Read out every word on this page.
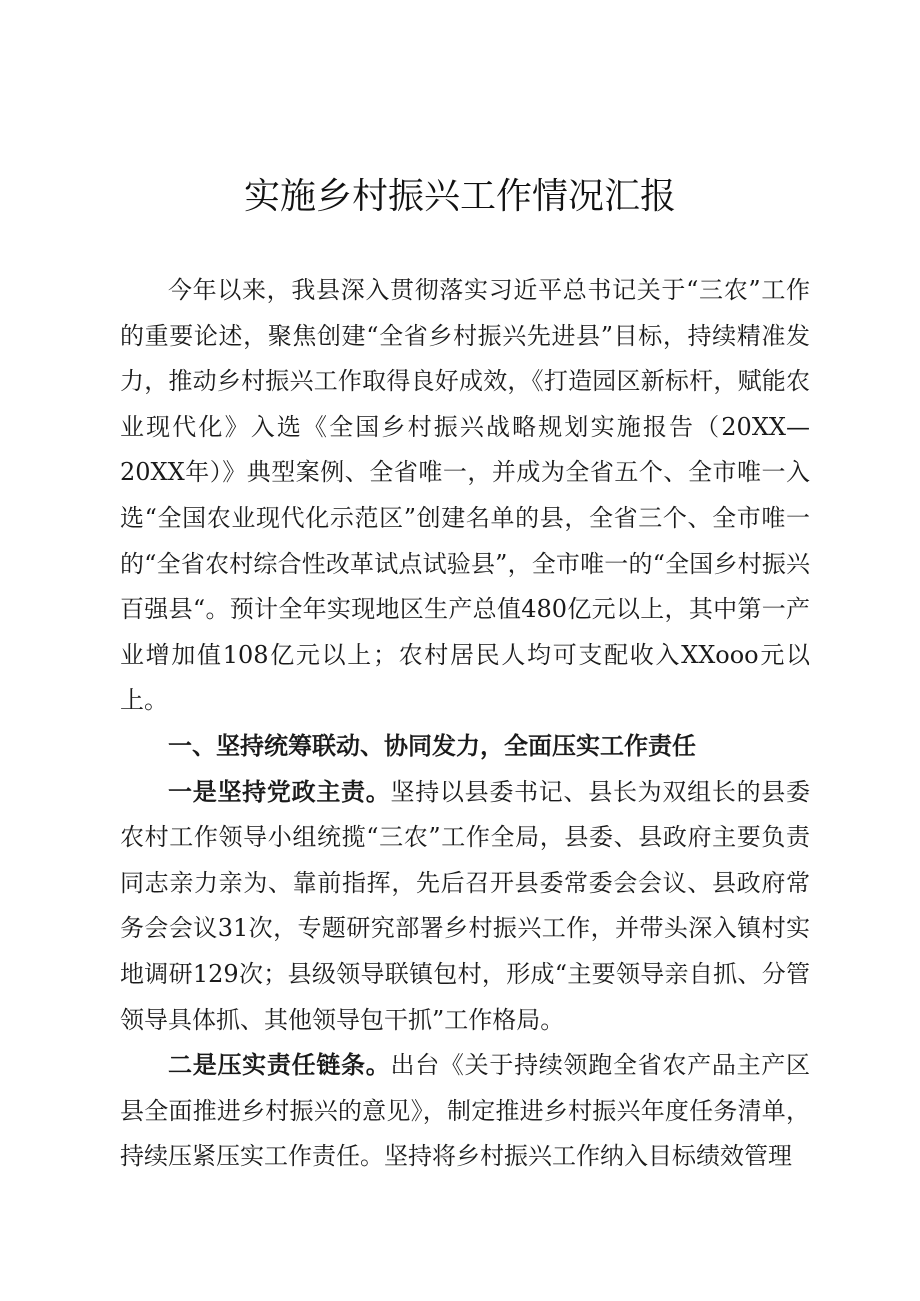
实施乡村振兴工作情况汇报

今年以来，我县深入贯彻落实习近平总书记关于“三农”工作的重要论述，聚焦创建“全省乡村振兴先进县”目标，持续精准发力，推动乡村振兴工作取得良好成效，《打造园区新标杆，赋能农业现代化》入选《全国乡村振兴战略规划实施报告（20XX—20XX年）》典型案例、全省唯一，并成为全省五个、全市唯一入选“全国农业现代化示范区”创建名单的县，全省三个、全市唯一的“全省农村综合性改革试点试验县”，全市唯一的“全国乡村振兴百强县“。预计全年实现地区生产总值480亿元以上，其中第一产业增加值108亿元以上；农村居民人均可支配收入XXooo元以上。

一、坚持统筹联动、协同发力，全面压实工作责任

一是坚持党政主责。坚持以县委书记、县长为双组长的县委农村工作领导小组统揽“三农”工作全局，县委、县政府主要负责同志亲力亲为、靠前指挥，先后召开县委常委会会议、县政府常务会会议31次，专题研究部署乡村振兴工作，并带头深入镇村实地调研129次；县级领导联镇包村，形成“主要领导亲自抓、分管领导具体抓、其他领导包干抓”工作格局。

二是压实责任链条。出台《关于持续领跑全省农产品主产区县全面推进乡村振兴的意见》，制定推进乡村振兴年度任务清单，持续压紧压实工作责任。坚持将乡村振兴工作纳入目标绩效管理
